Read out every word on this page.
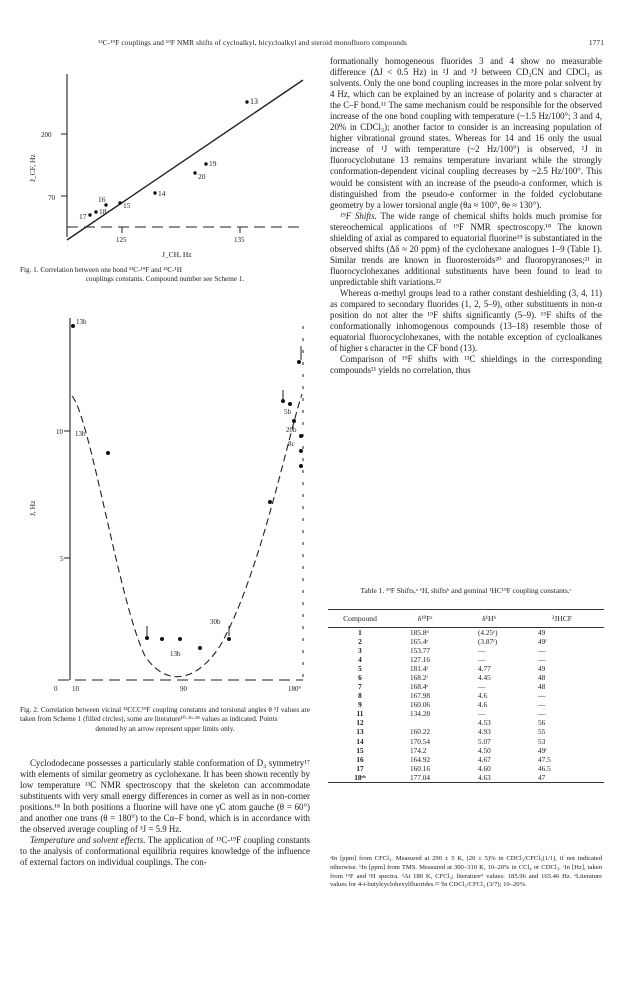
¹³C-¹⁹F couplings and ¹⁹F NMR shifts of cycloalkyl, bicycloalkyl and steroid monofluoro compounds	1771
200
70
125	135
J_CF, Hz
J_CH, Hz
13
19
20
14
15
16
17
18
Fig. 1. Correlation between one bond ¹³C-¹⁹F and ¹³C-¹H
couplings constants. Compound number see Scheme 1.
10
5
J, Hz
0 10	90	180°
13b
13b
5b
20b
8c
30b
13b
Fig. 2. Correlation between vicinal ¹³CCC¹⁹F coupling constants and torsional angles θ ³J values are taken from Scheme 1 (filled circles), some are literature¹⁰·¹⁶·¹⁸ values as indicated. Points
denoted by an arrow represent upper limits only.

Cyclododecane possesses a particularly stable conformation of D₄ symmetry¹⁷ with elements of similar geometry as cyclohexane. It has been shown recently by low temperature ¹³C NMR spectroscopy that the skeleton can accommodate substituents with very small energy differences in corner as well as in non-corner positions.¹⁸ In both positions a fluorine will have one γC atom gauche (θ = 60°) and another one trans (θ = 180°) to the Cα–F bond, which is in accordance with the observed average coupling of ³J = 5.9 Hz.

Temperature and solvent effects. The application of ¹³C-¹⁹F coupling constants to the analysis of conformational equilibria requires knowledge of the influence of external factors on individual couplings. The con-

formationally homogeneous fluorides 3 and 4 show no measurable difference (ΔJ < 0.5 Hz) in ²J and ³J between CD₃CN and CDCl₃ as solvents. Only the one bond coupling increases in the more polar solvent by 4 Hz, which can be explained by an increase of polarity and s character at the C–F bond.¹¹ The same mechanism could be responsible for the observed increase of the one bond coupling with temperature (~1.5 Hz/100°; 3 and 4, 20% in CDCl₃); another factor to consider is an increasing population of higher vibrational ground states. Whereas for 14 and 16 only the usual increase of ¹J with temperature (~2 Hz/100°) is observed, ¹J in fluorocyclobutane 13 remains temperature invariant while the strongly conformation-dependent vicinal coupling decreases by ~2.5 Hz/100°. This would be consistent with an increase of the pseudo-a conformer, which is distinguished from the pseudo-e conformer in the folded cyclobutane geometry by a lower torsional angle (θa ≈ 100°, θe ≈ 130°).

¹⁹F Shifts. The wide range of chemical shifts holds much promise for stereochemical applications of ¹⁹F NMR spectroscopy.¹⁸ The known shielding of axial as compared to equatorial fluorine¹⁹ is substantiated in the observed shifts (Δδ ≈ 20 ppm) of the cyclohexane analogues 1–9 (Table 1). Similar trends are known in fluorosteroids²⁰ and fluoropyranoses;²¹ in fluorocyclohexanes additional substituents have been found to lead to unpredictable shift variations.²²

Whereas α-methyl groups lead to a rather constant deshielding (3, 4, 11) as compared to secondary fluorides (1, 2, 5–9), other substituents in non-α position do not alter the ¹⁹F shifts significantly (5–9). ¹⁹F shifts of the conformationally inhomogenous compounds (13–18) resemble those of equatorial fluorocyclohexanes, with the notable exception of cycloalkanes of higher s character in the CF bond (13).

Comparison of ¹⁹F shifts with ¹³C shieldings in the corresponding compounds²¹ yields no correlation, thus

Table 1. ¹⁹F Shifts,ᵃ ¹H, shiftsᵇ and geminal ¹HC¹⁹F coupling constants.ᶜ
Compound	δ¹⁹Fᵃ	δ¹Hᵇ	²JHCF
1	185.8ᵈ	(4.25ᵉ)	49
2	165.4ᵉ	(3.87ᶠ)	49ᶠ
3	153.77	—	—
4	127.16	—	—
5	181.4ᶠ	4.77	49
6	168.2ᶠ	4.45	48
7	168.4ᵉ	—	48
8	167.98	4.6	—
9	160.06	4.6	—
11	134.28	—	—
12		4.53	56
13	160.22	4.93	55
14	170.54	5.07	53
15	174.2	4.50	49ᶠ
16	164.92	4.67	47.5
17	160.16	4.60	46.5
18ᵉʰ	177.04	4.63	47
ᵃIn [ppm] from CFCl₃. Measured at 290 ± 5 K, (20 ± 5)% in CDCl₃/CFCl₃(1/1), if not indicated otherwise. ᵇIn [ppm] from TMS. Measured at 300–310 K, 10–20% in CCl₄ or CDCl₃. ᶜIn [Hz], taken from ¹⁹F and ¹H spectra. ᵈAt 180 K, CFCl₃; literatureᵉᶠ values: 185.96 and 165.46 Hz. ᵉLiterature values for 4-t-butylcyclohexylfluorides.²² ᶠIn CDCl₃/CFCl₃ (3/7); 10–20%.
